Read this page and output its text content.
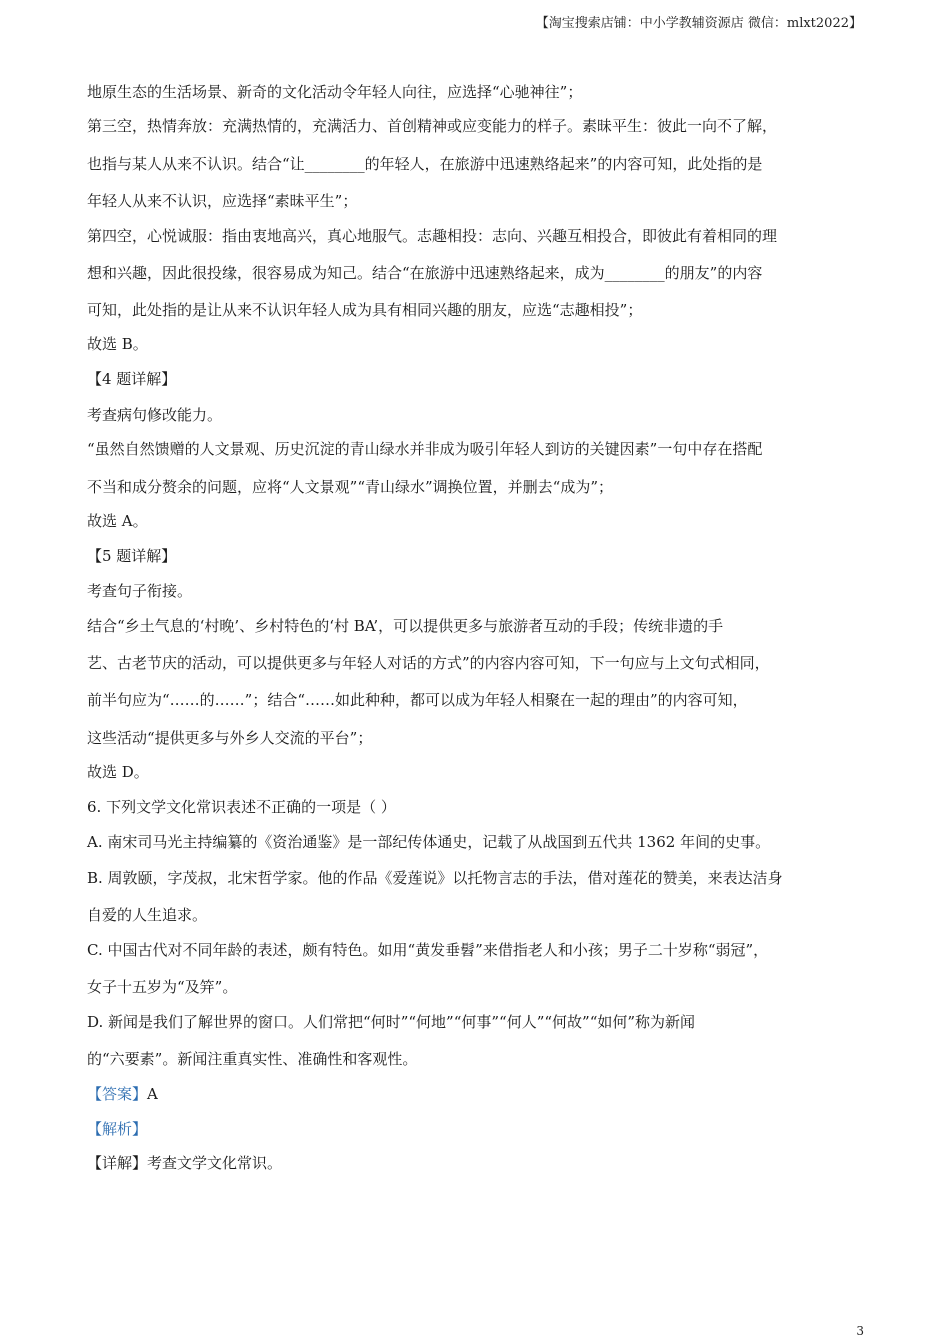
【淘宝搜索店铺：中小学教辅资源店 微信：mlxt2022】
地原生态的生活场景、新奇的文化活动令年轻人向往，应选择“心驰神往”；
第三空，热情奔放：充满热情的，充满活力、首创精神或应变能力的样子。素昧平生：彼此一向不了解，
也指与某人从来不认识。结合“让________的年轻人，在旅游中迅速熟络起来”的内容可知，此处指的是
年轻人从来不认识，应选择“素昧平生”；
第四空，心悦诚服：指由衷地高兴，真心地服气。志趣相投：志向、兴趣互相投合，即彼此有着相同的理
想和兴趣，因此很投缘，很容易成为知己。结合“在旅游中迅速熟络起来，成为________的朋友”的内容
可知，此处指的是让从来不认识年轻人成为具有相同兴趣的朋友，应选“志趣相投”；
故选 B。
【4 题详解】
考查病句修改能力。
“虽然自然馈赠的人文景观、历史沉淀的青山绿水并非成为吸引年轻人到访的关键因素”一句中存在搭配
不当和成分赘余的问题，应将“人文景观”“青山绿水”调换位置，并删去“成为”；
故选 A。
【5 题详解】
考查句子衔接。
结合“乡土气息的‘村晚’、乡村特色的‘村 BA’，可以提供更多与旅游者互动的手段；传统非遗的手
艺、古老节庆的活动，可以提供更多与年轻人对话的方式”的内容内容可知，下一句应与上文句式相同，
前半句应为“……的……”；结合“……如此种种，都可以成为年轻人相聚在一起的理由”的内容可知，
这些活动“提供更多与外乡人交流的平台”；
故选 D。
6. 下列文学文化常识表述不正确的一项是（ ）
A. 南宋司马光主持编纂的《资治通鉴》是一部纪传体通史，记载了从战国到五代共 1362 年间的史事。
B. 周敦颐，字茂叔，北宋哲学家。他的作品《爱莲说》以托物言志的手法，借对莲花的赞美，来表达洁身
自爱的人生追求。
C. 中国古代对不同年龄的表述，颇有特色。如用“黄发垂髫”来借指老人和小孩；男子二十岁称“弱冠”，
女子十五岁为“及笄”。
D. 新闻是我们了解世界的窗口。人们常把“何时”“何地”“何事”“何人”“何故”“如何”称为新闻
的“六要素”。新闻注重真实性、准确性和客观性。
【答案】A
【解析】
【详解】考查文学文化常识。
3
